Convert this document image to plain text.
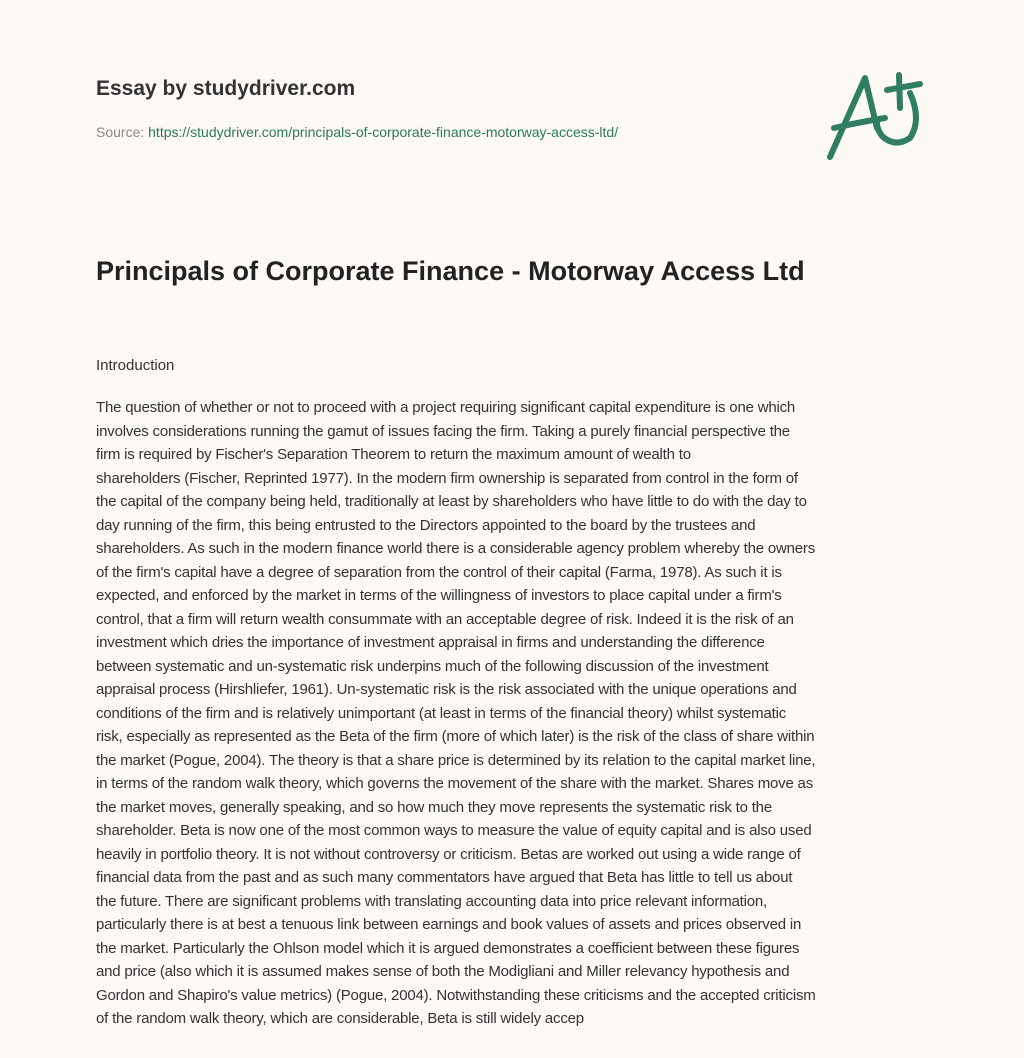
Essay by studydriver.com
Source: https://studydriver.com/principals-of-corporate-finance-motorway-access-ltd/
Principals of Corporate Finance - Motorway Access Ltd
Introduction
The question of whether or not to proceed with a project requiring significant capital expenditure is one which
involves considerations running the gamut of issues facing the firm. Taking a purely financial perspective the
firm is required by Fischer's Separation Theorem to return the maximum amount of wealth to
shareholders (Fischer, Reprinted 1977). In the modern firm ownership is separated from control in the form of
the capital of the company being held, traditionally at least by shareholders who have little to do with the day to
day running of the firm, this being entrusted to the Directors appointed to the board by the trustees and
shareholders. As such in the modern finance world there is a considerable agency problem whereby the owners
of the firm's capital have a degree of separation from the control of their capital (Farma, 1978). As such it is
expected, and enforced by the market in terms of the willingness of investors to place capital under a firm's
control, that a firm will return wealth consummate with an acceptable degree of risk. Indeed it is the risk of an
investment which dries the importance of investment appraisal in firms and understanding the difference
between systematic and un-systematic risk underpins much of the following discussion of the investment
appraisal process (Hirshliefer, 1961). Un-systematic risk is the risk associated with the unique operations and
conditions of the firm and is relatively unimportant (at least in terms of the financial theory) whilst systematic
risk, especially as represented as the Beta of the firm (more of which later) is the risk of the class of share within
the market (Pogue, 2004). The theory is that a share price is determined by its relation to the capital market line,
in terms of the random walk theory, which governs the movement of the share with the market. Shares move as
the market moves, generally speaking, and so how much they move represents the systematic risk to the
shareholder. Beta is now one of the most common ways to measure the value of equity capital and is also used
heavily in portfolio theory. It is not without controversy or criticism. Betas are worked out using a wide range of
financial data from the past and as such many commentators have argued that Beta has little to tell us about
the future. There are significant problems with translating accounting data into price relevant information,
particularly there is at best a tenuous link between earnings and book values of assets and prices observed in
the market. Particularly the Ohlson model which it is argued demonstrates a coefficient between these figures
and price (also which it is assumed makes sense of both the Modigliani and Miller relevancy hypothesis and
Gordon and Shapiro's value metrics) (Pogue, 2004). Notwithstanding these criticisms and the accepted criticism
of the random walk theory, which are considerable, Beta is still widely accep
